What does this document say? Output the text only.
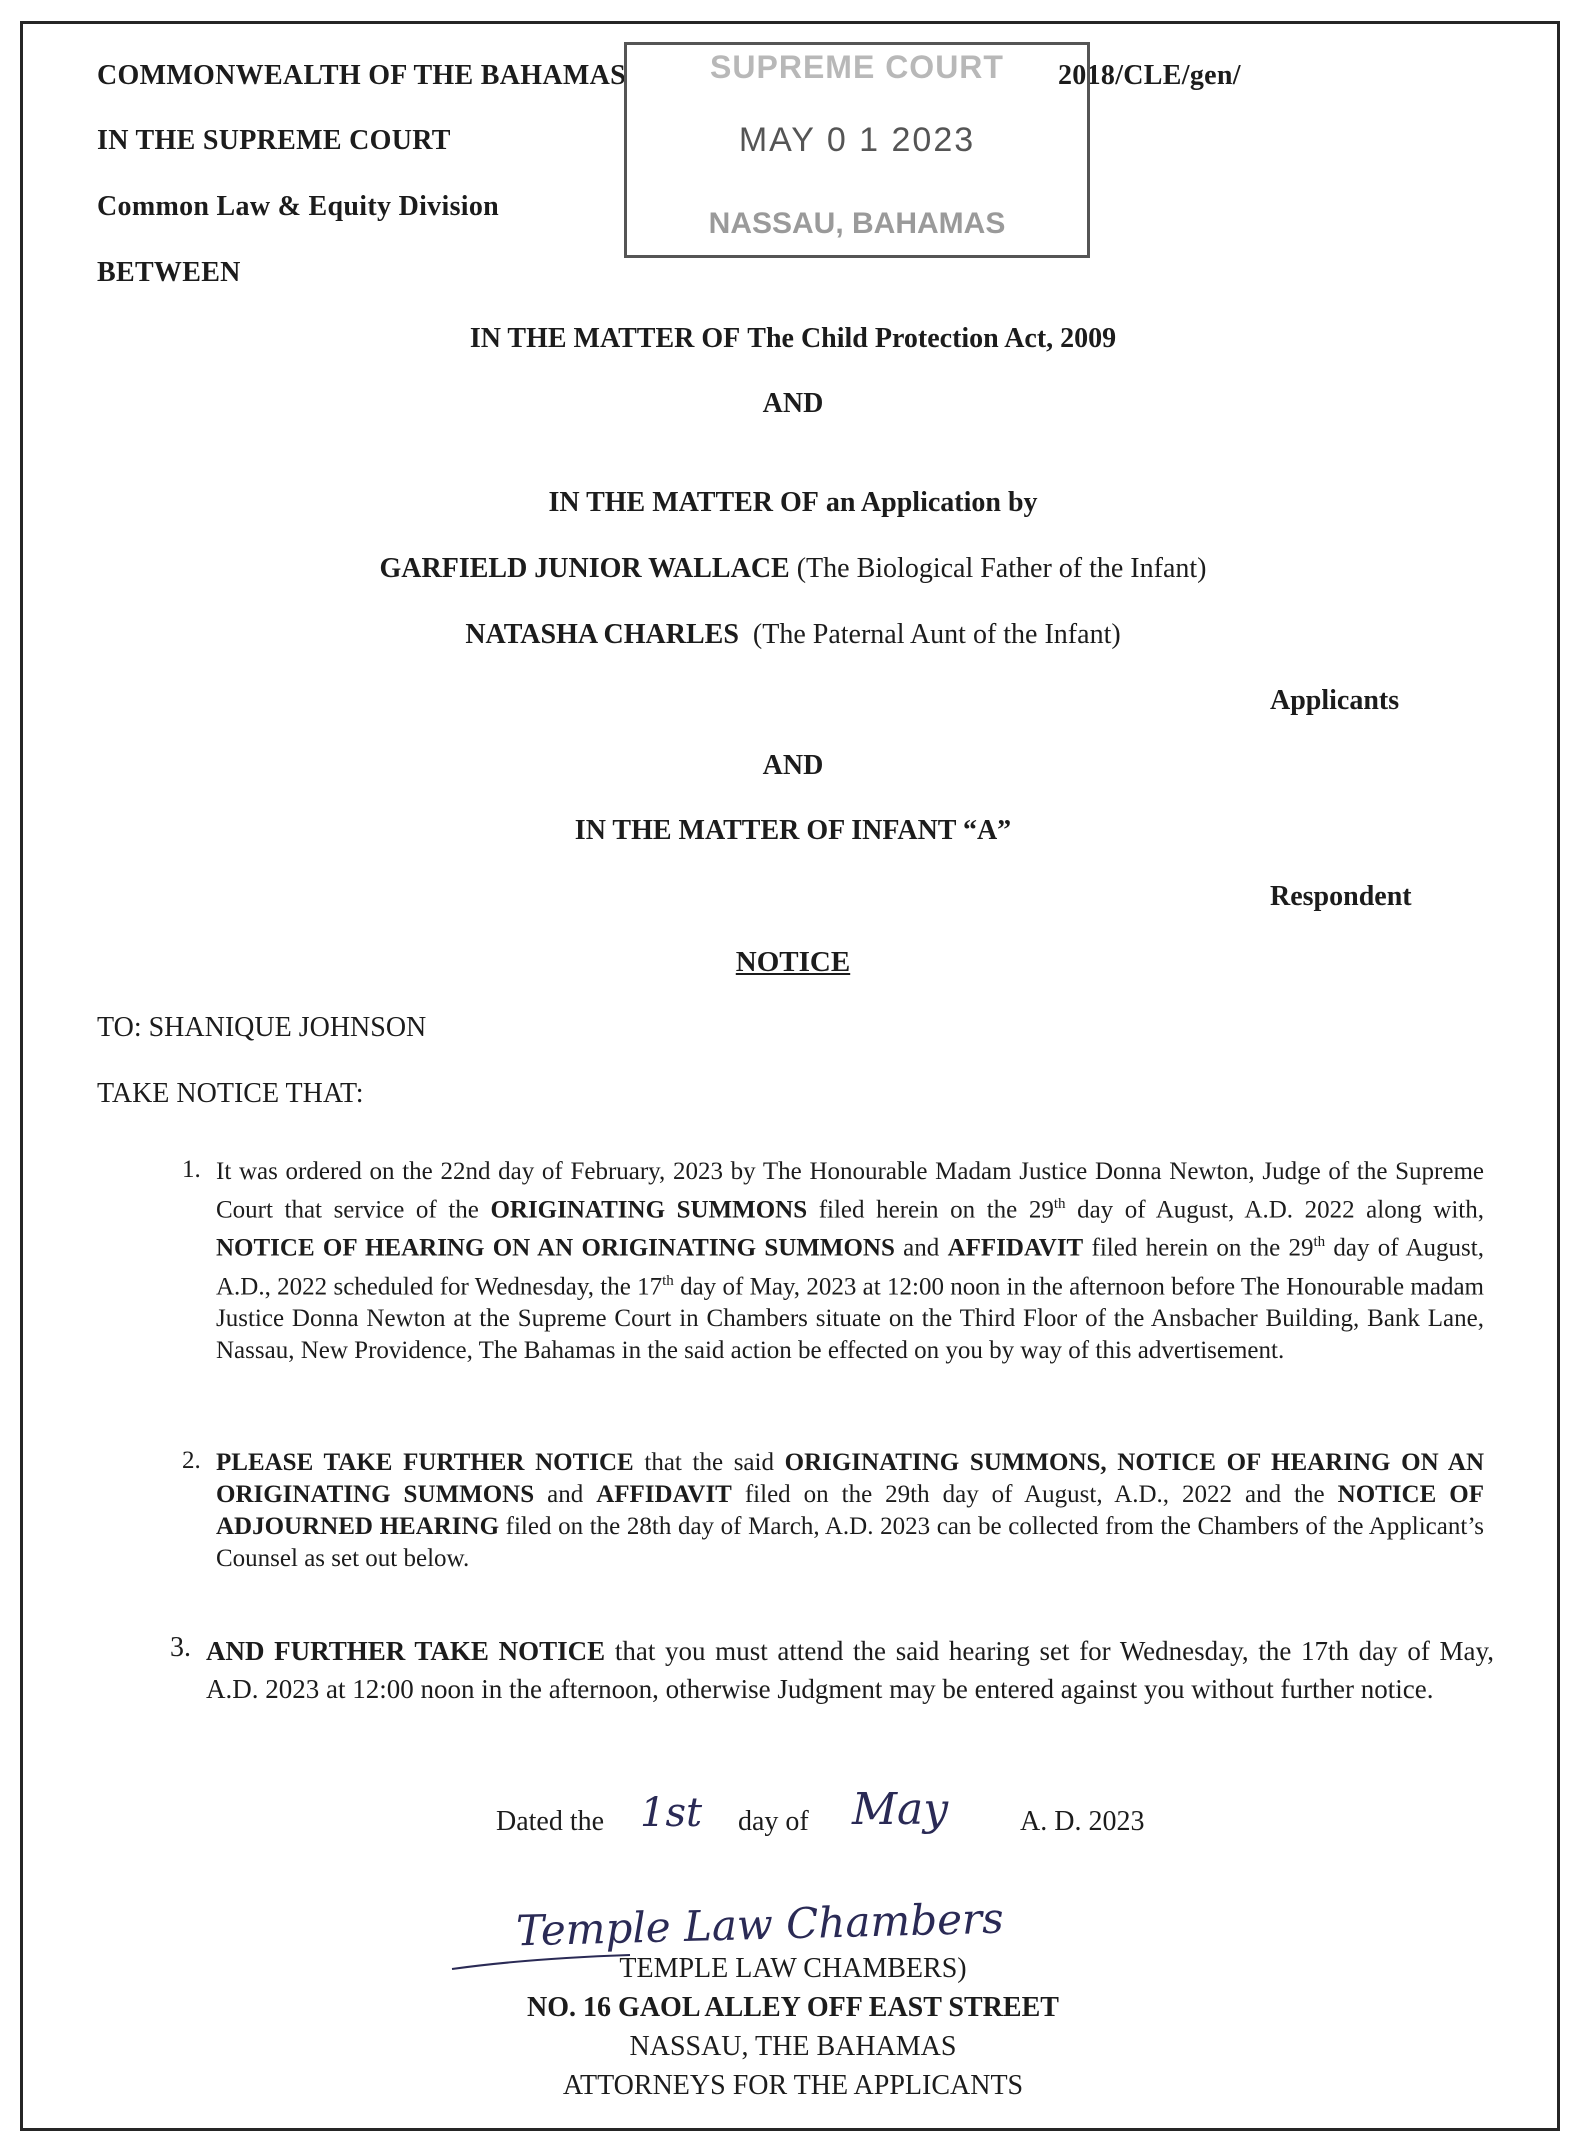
COMMONWEALTH OF THE BAHAMAS
IN THE SUPREME COURT
Common Law & Equity Division
BETWEEN
2018/CLE/gen/
SUPREME COURT
MAY 0 1 2023
NASSAU, BAHAMAS
IN THE MATTER OF The Child Protection Act, 2009
AND
IN THE MATTER OF an Application by
GARFIELD JUNIOR WALLACE (The Biological Father of the Infant)
NATASHA CHARLES (The Paternal Aunt of the Infant)
Applicants
AND
IN THE MATTER OF INFANT “A”
Respondent
NOTICE
TO: SHANIQUE JOHNSON
TAKE NOTICE THAT:
1. It was ordered on the 22nd day of February, 2023 by The Honourable Madam Justice Donna Newton, Judge of the Supreme Court that service of the ORIGINATING SUMMONS filed herein on the 29th day of August, A.D. 2022 along with, NOTICE OF HEARING ON AN ORIGINATING SUMMONS and AFFIDAVIT filed herein on the 29th day of August, A.D., 2022 scheduled for Wednesday, the 17th day of May, 2023 at 12:00 noon in the afternoon before The Honourable madam Justice Donna Newton at the Supreme Court in Chambers situate on the Third Floor of the Ansbacher Building, Bank Lane, Nassau, New Providence, The Bahamas in the said action be effected on you by way of this advertisement.
2. PLEASE TAKE FURTHER NOTICE that the said ORIGINATING SUMMONS, NOTICE OF HEARING ON AN ORIGINATING SUMMONS and AFFIDAVIT filed on the 29th day of August, A.D., 2022 and the NOTICE OF ADJOURNED HEARING filed on the 28th day of March, A.D. 2023 can be collected from the Chambers of the Applicant’s Counsel as set out below.
3. AND FURTHER TAKE NOTICE that you must attend the said hearing set for Wednesday, the 17th day of May, A.D. 2023 at 12:00 noon in the afternoon, otherwise Judgment may be entered against you without further notice.
Dated the 1st day of May	A. D. 2023
Temple Law Chambers
TEMPLE LAW CHAMBERS)
NO. 16 GAOL ALLEY OFF EAST STREET
NASSAU, THE BAHAMAS
ATTORNEYS FOR THE APPLICANTS
